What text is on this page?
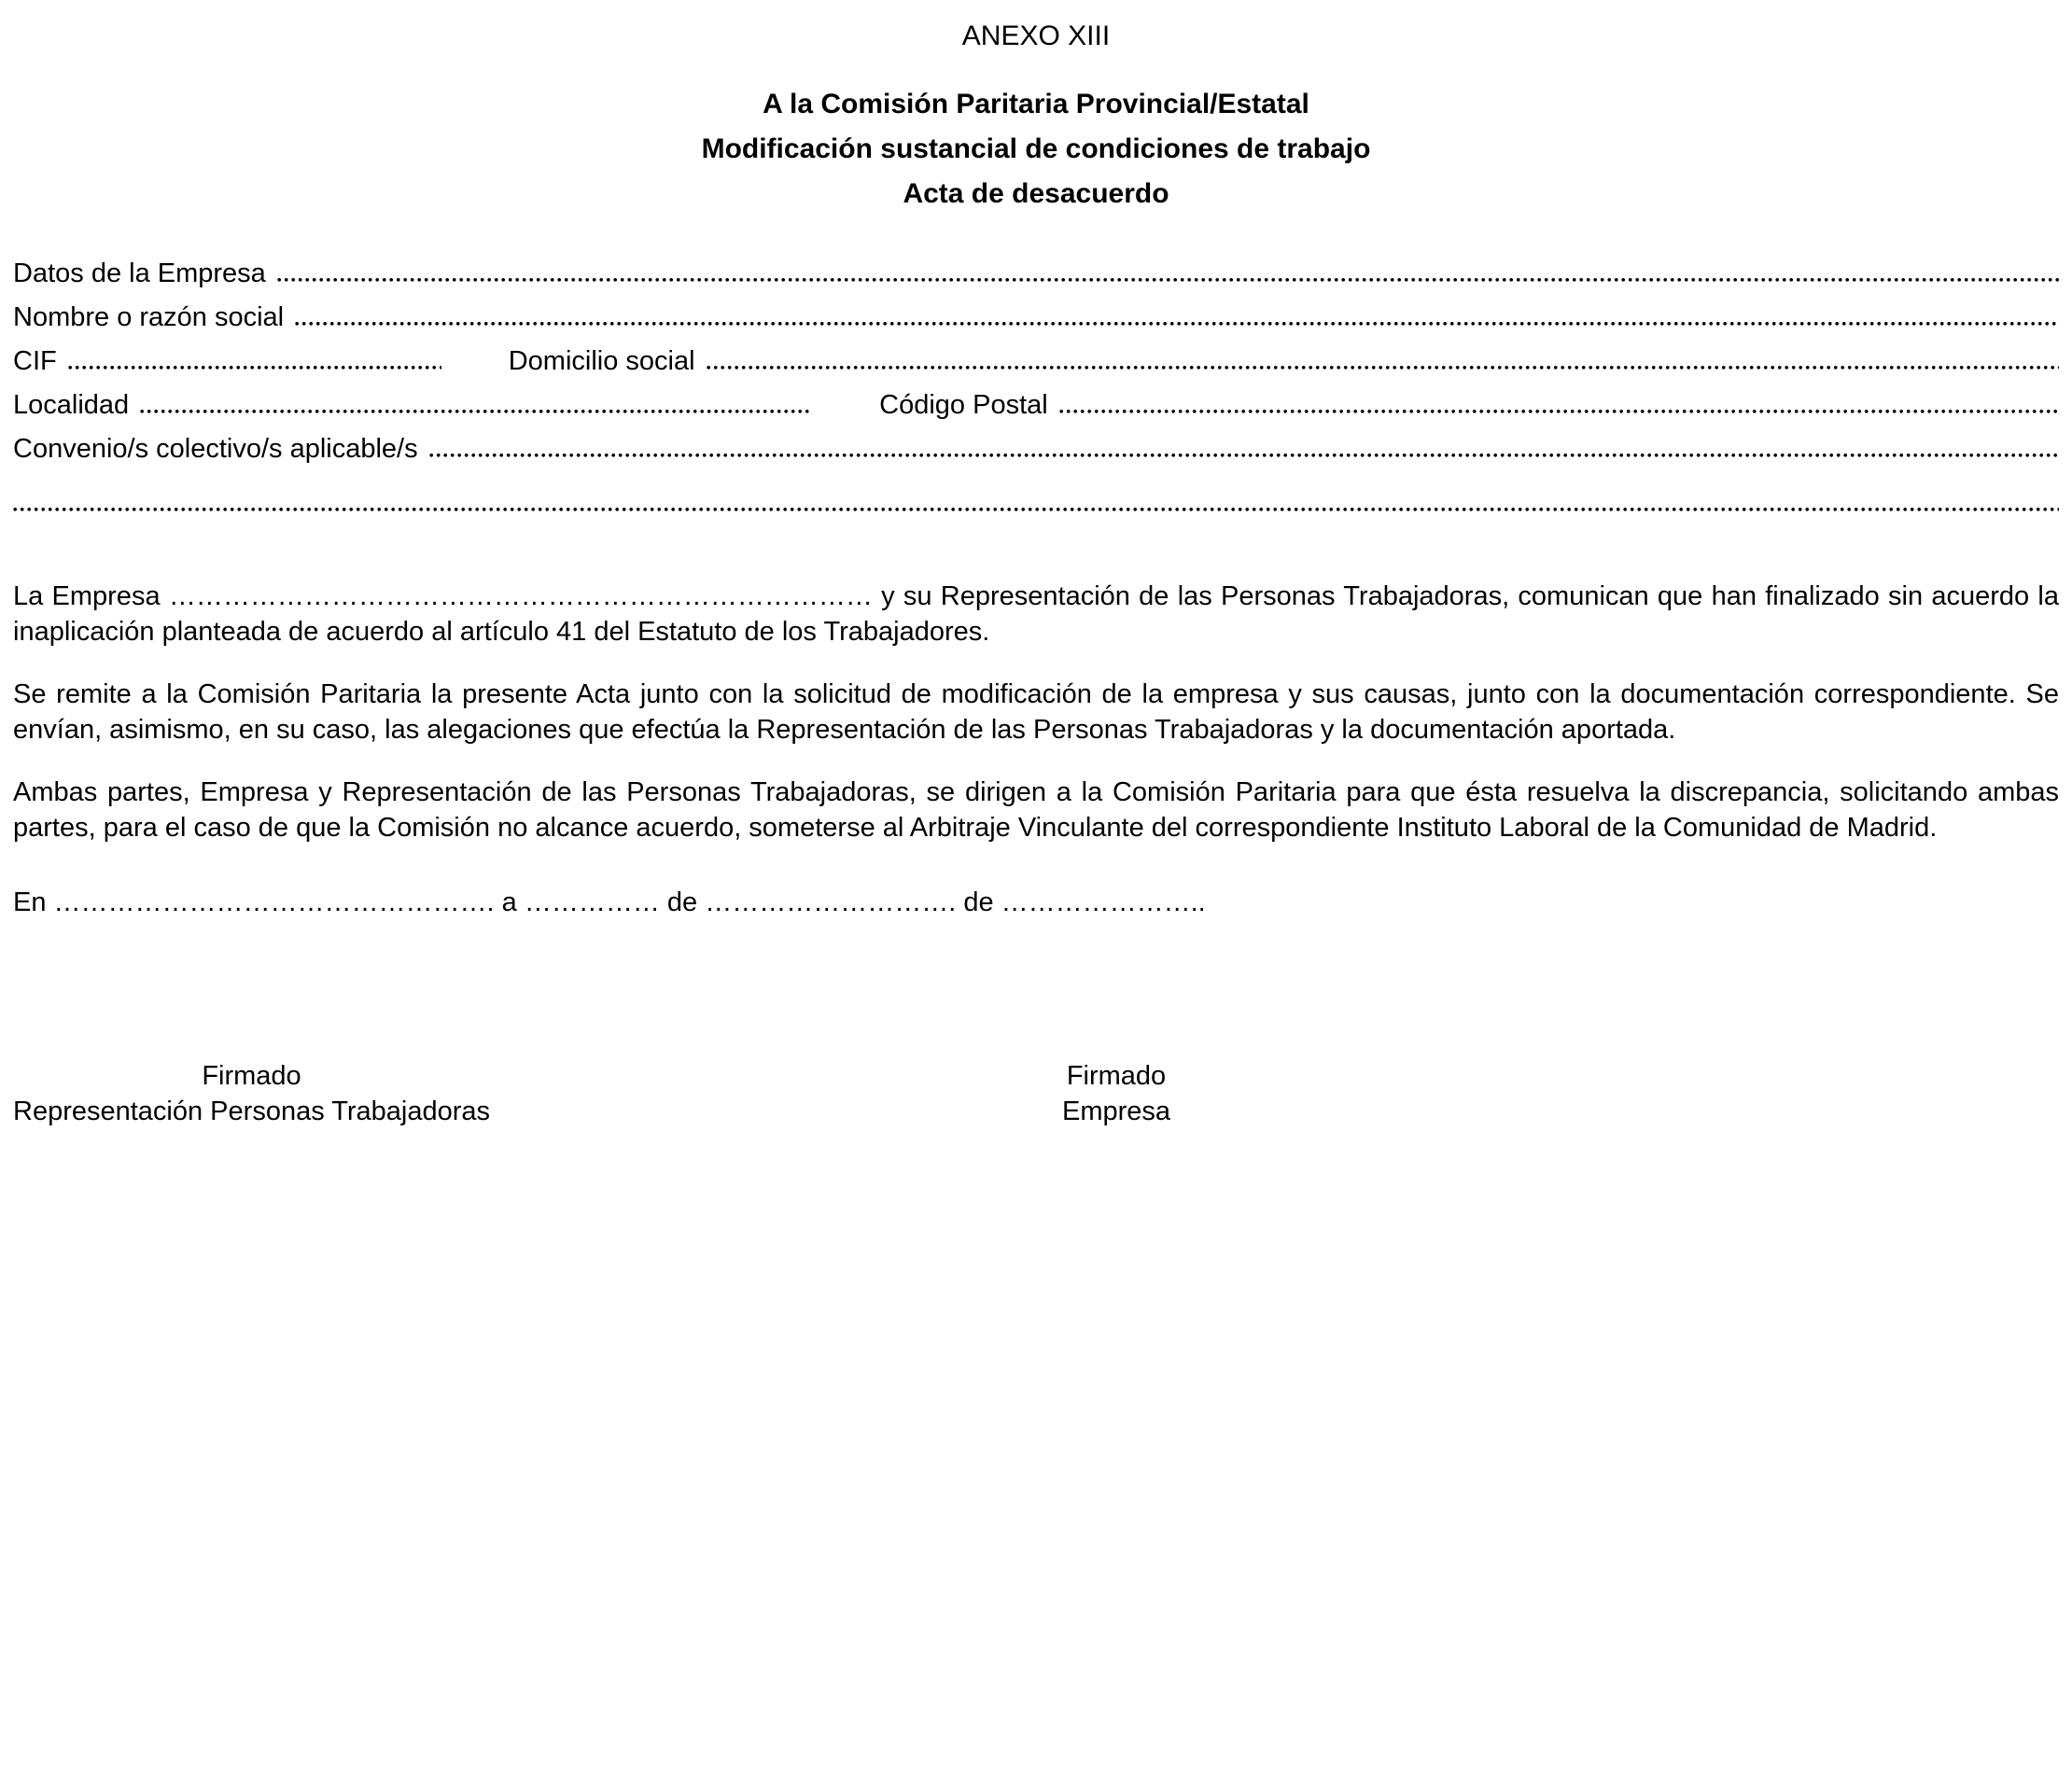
ANEXO XIII
A la Comisión Paritaria Provincial/Estatal
Modificación sustancial de condiciones de trabajo
Acta de desacuerdo
Datos de la Empresa
Nombre o razón social
CIF	Domicilio social
Localidad	Código Postal
Convenio/s colectivo/s aplicable/s

La Empresa …………………………………………………………………… y su Representación de las Personas Trabajadoras, comunican que han finalizado sin acuerdo la inaplicación planteada de acuerdo al artículo 41 del Estatuto de los Trabajadores.

Se remite a la Comisión Paritaria la presente Acta junto con la solicitud de modificación de la empresa y sus causas, junto con la documentación correspondiente. Se envían, asimismo, en su caso, las alegaciones que efectúa la Representación de las Personas Trabajadoras y la documentación aportada.

Ambas partes, Empresa y Representación de las Personas Trabajadoras, se dirigen a la Comisión Paritaria para que ésta resuelva la discrepancia, solicitando ambas partes, para el caso de que la Comisión no alcance acuerdo, someterse al Arbitraje Vinculante del correspondiente Instituto Laboral de la Comunidad de Madrid.

En …………………………………………. a …………… de ………………………. de …………………..
Firmado
Representación Personas Trabajadoras
Firmado
Empresa
